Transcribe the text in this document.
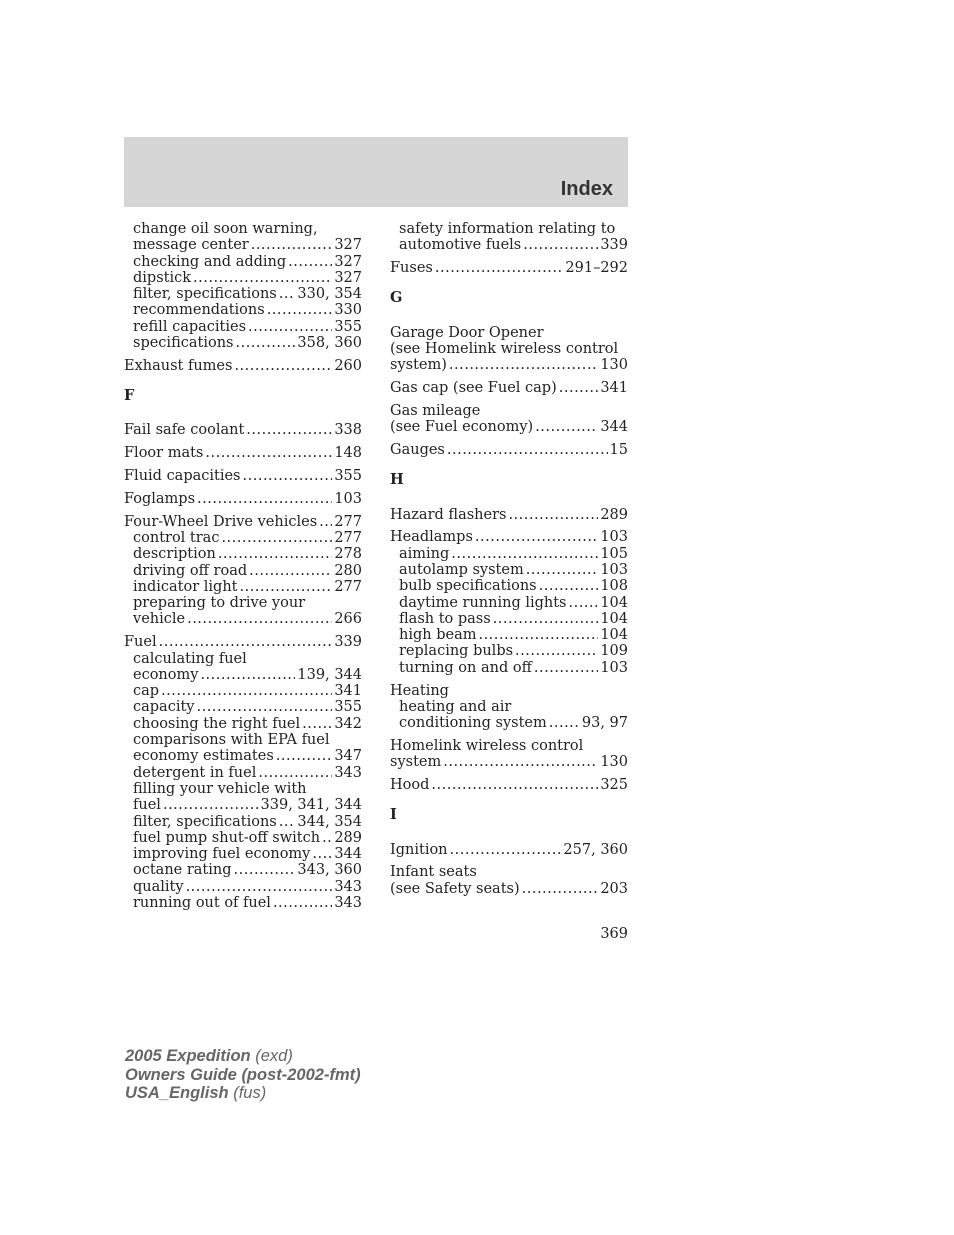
Index
change oil soon warning,
message center .....	327
checking and adding .....	327
dipstick .....	327
filter, specifications ..... 330, 354
recommendations .....	330
refill capacities .....	355
specifications .....	358, 360
Exhaust fumes .....	260
F
Fail safe coolant .....	338
Floor mats .....	148
Fluid capacities .....	355
Foglamps .....	103
Four-Wheel Drive vehicles ..... 277
control trac .....	277
description .....	278
driving off road .....	280
indicator light .....	277
preparing to drive your
vehicle .....	266
Fuel .....	339
calculating fuel
economy .....	139, 344
cap .....	341
capacity .....	355
choosing the right fuel ..... 342
comparisons with EPA fuel
economy estimates .....	347
detergent in fuel .....	343
filling your vehicle with
fuel .....	339, 341, 344
filter, specifications ..... 344, 354
fuel pump shut-off switch ..... 289
improving fuel economy ..... 344
octane rating .....	343, 360
quality .....	343
running out of fuel .....	343
safety information relating to
automotive fuels .....	339
Fuses .....	291–292
G
Garage Door Opener
(see Homelink wireless control
system) .....	130
Gas cap (see Fuel cap) .....	341
Gas mileage
(see Fuel economy) .....	344
Gauges .....	15
H
Hazard flashers .....	289
Headlamps .....	103
aiming .....	105
autolamp system .....	103
bulb specifications .....	108
daytime running lights ..... 104
flash to pass .....	104
high beam .....	104
replacing bulbs .....	109
turning on and off .....	103
Heating
heating and air
conditioning system ..... 93, 97
Homelink wireless control
system .....	130
Hood .....	325
I
Ignition .....	257, 360
Infant seats
(see Safety seats) .....	203
369
2005 Expedition (exd)
Owners Guide (post-2002-fmt)
USA_English (fus)
